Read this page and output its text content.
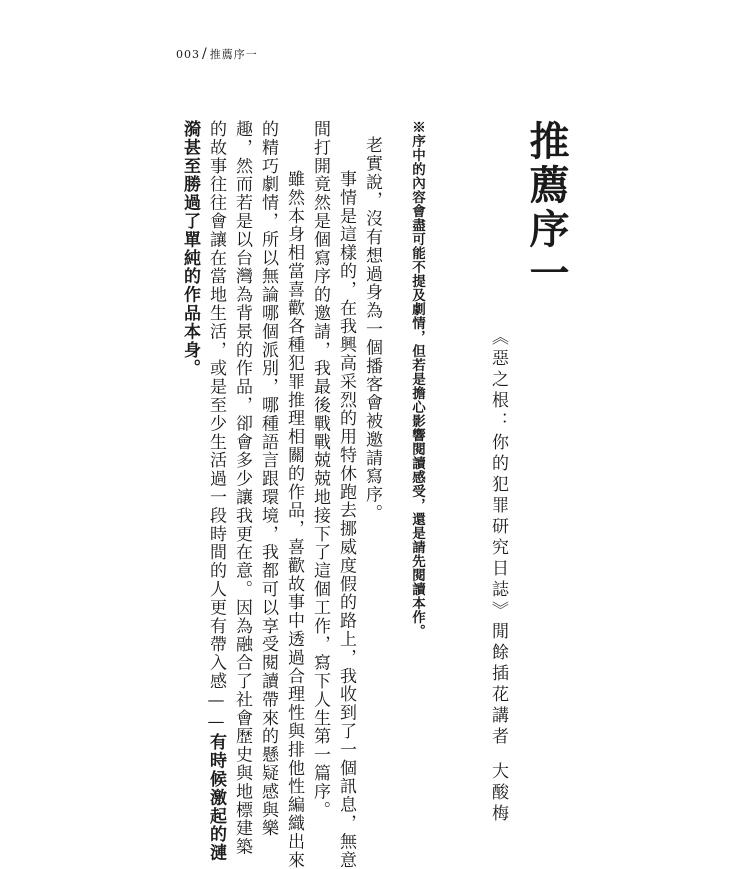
003 / 推薦序一
推薦序一
《惡之根：你的犯罪研究日誌》閒餘插花講者大酸梅
※序中的內容會盡可能不提及劇情，但若是擔心影響閱讀感受，還是請先閱讀本作。
老實說，沒有想過身為一個播客會被邀請寫序。
事情是這樣的，在我興高采烈的用特休跑去挪威度假的路上，我收到了一個訊息，無意
間打開竟然是個寫序的邀請，我最後戰戰兢兢地接下了這個工作，寫下人生第一篇序。
雖然本身相當喜歡各種犯罪推理相關的作品，喜歡故事中透過合理性與排他性編織出來
的精巧劇情，所以無論哪個派別，哪種語言跟環境，我都可以享受閱讀帶來的懸疑感與樂
趣，然而若是以台灣為背景的作品，卻會多少讓我更在意。因為融合了社會歷史與地標建築
的故事往往會讓在當地生活，或是至少生活過一段時間的人更有帶入感——有時候激起的漣
漪甚至勝過了單純的作品本身。
